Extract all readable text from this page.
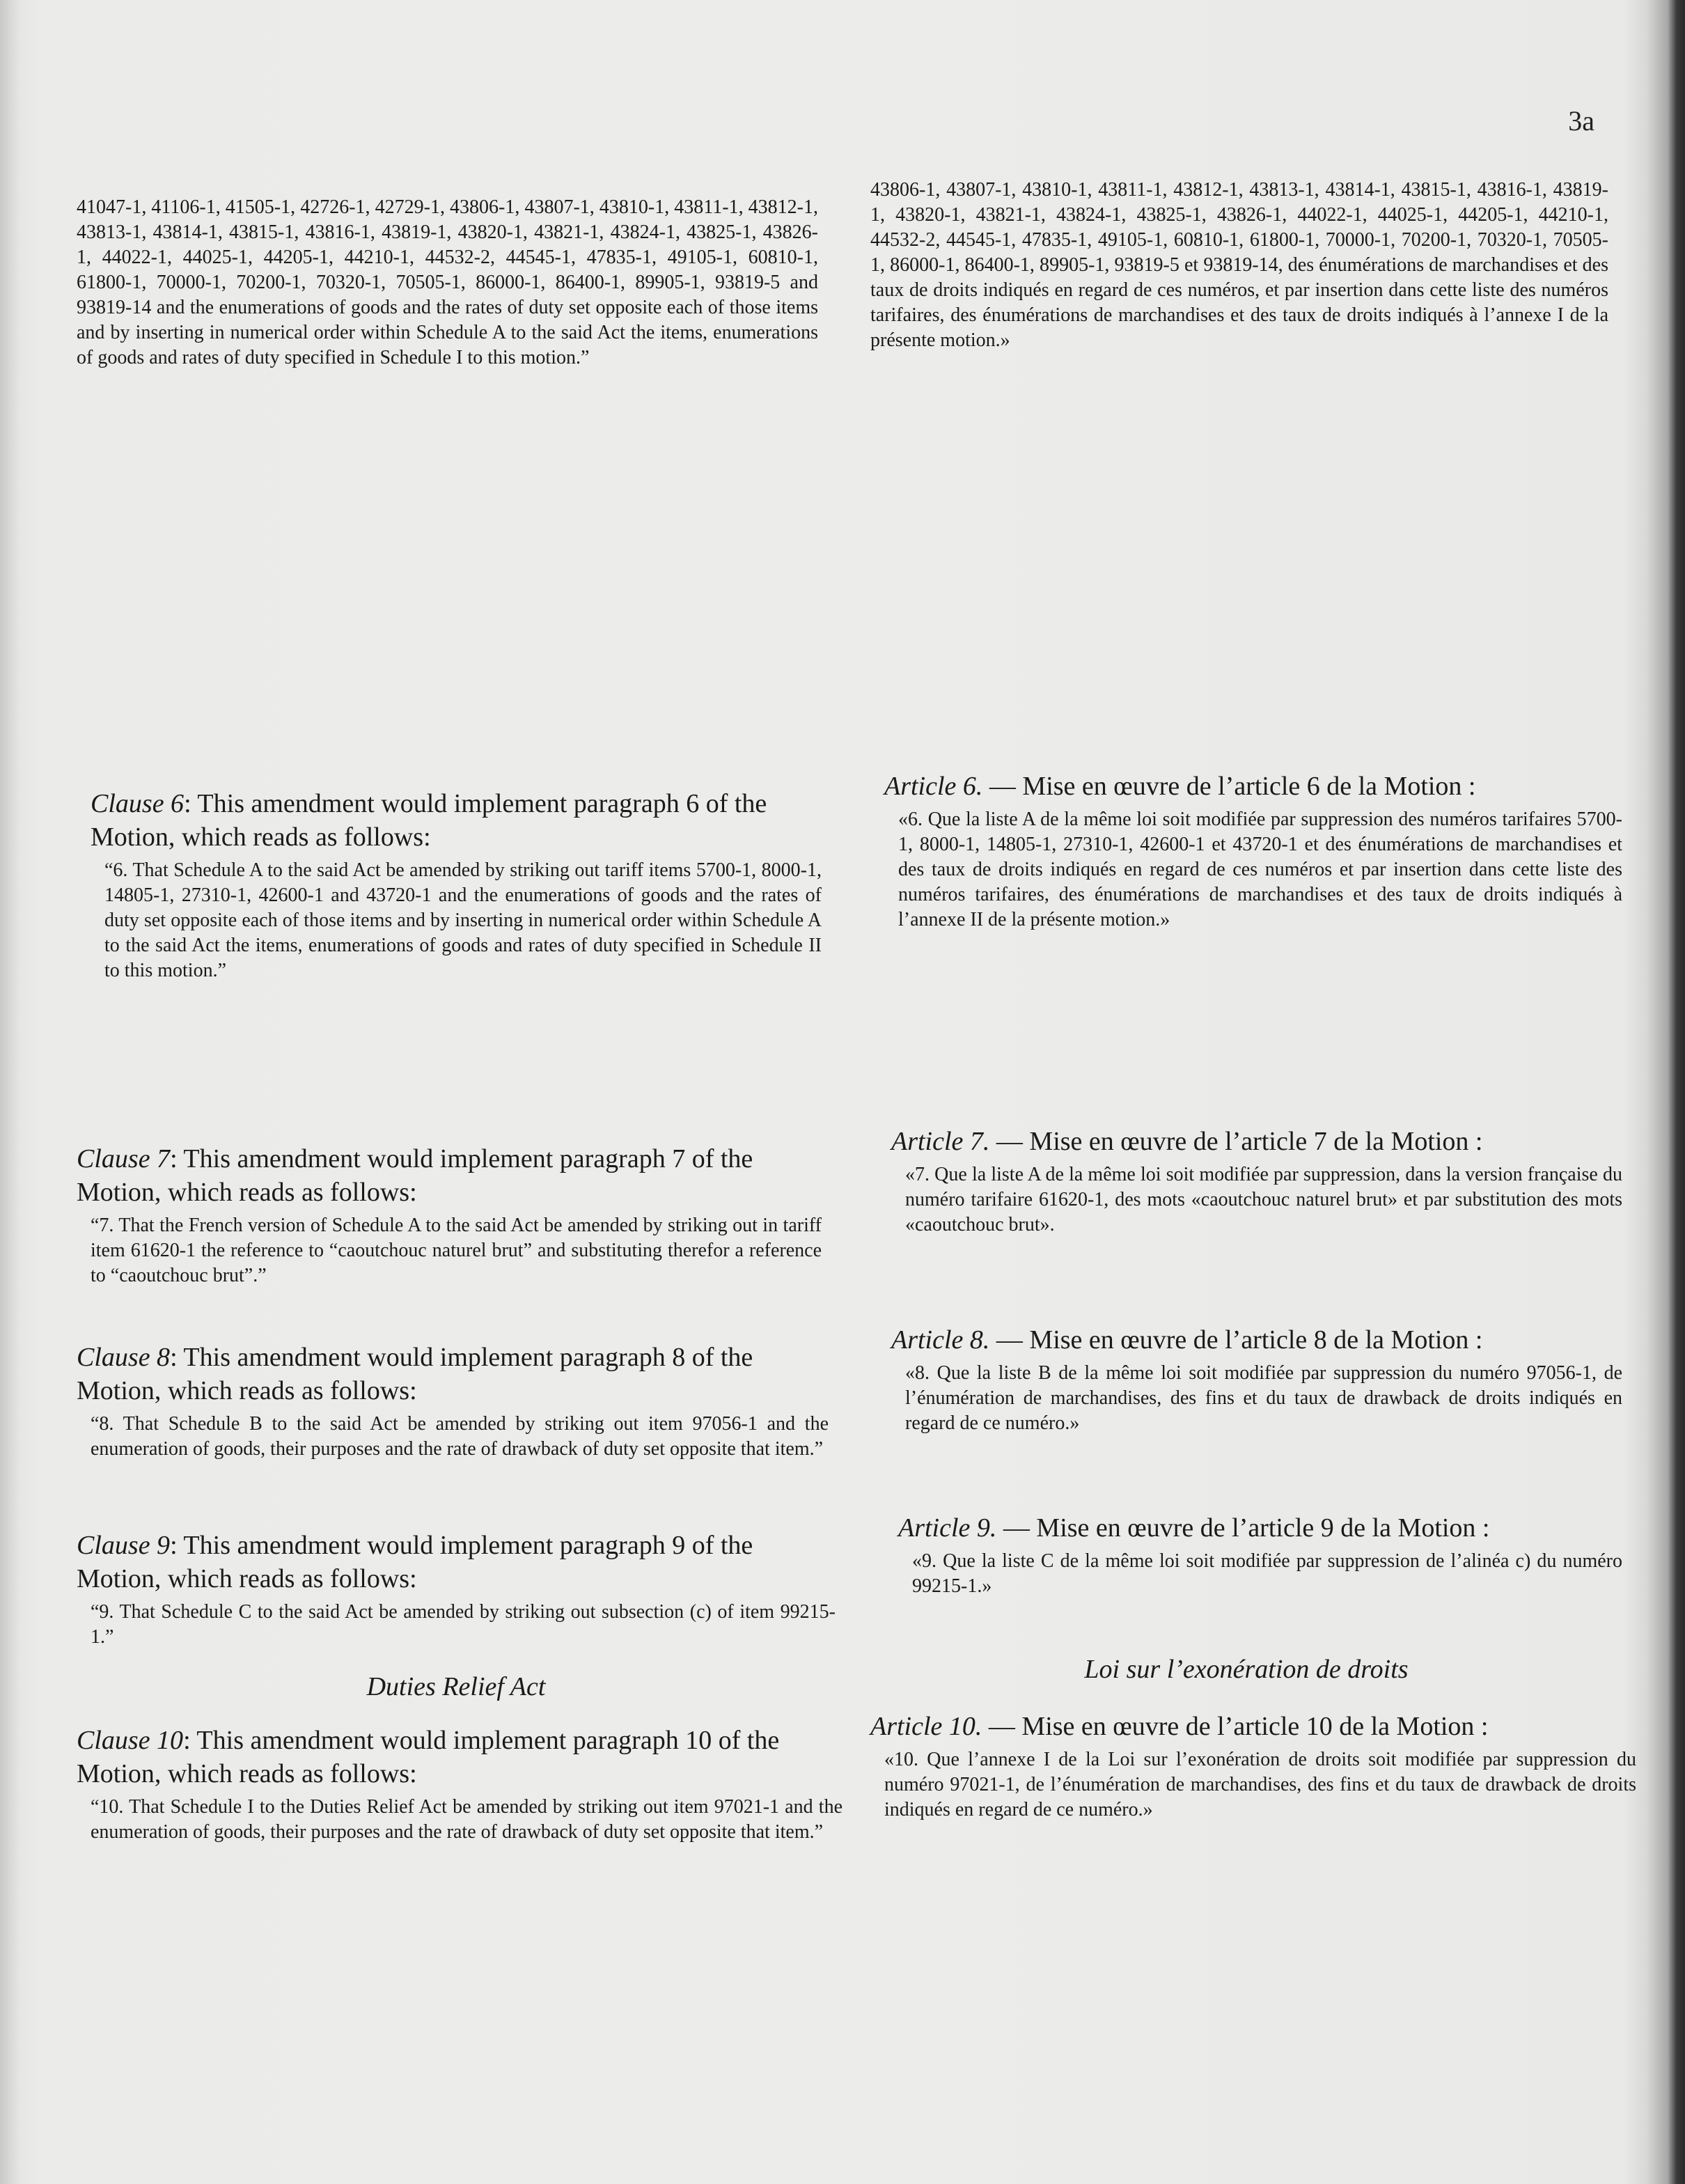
3a

41047-1, 41106-1, 41505-1, 42726-1, 42729-1, 43806-1, 43807-1, 43810-1, 43811-1, 43812-1, 43813-1, 43814-1, 43815-1, 43816-1, 43819-1, 43820-1, 43821-1, 43824-1, 43825-1, 43826-1, 44022-1, 44025-1, 44205-1, 44210-1, 44532-2, 44545-1, 47835-1, 49105-1, 60810-1, 61800-1, 70000-1, 70200-1, 70320-1, 70505-1, 86000-1, 86400-1, 89905-1, 93819-5 and 93819-14 and the enumerations of goods and the rates of duty set opposite each of those items and by inserting in numerical order within Schedule A to the said Act the items, enumerations of goods and rates of duty specified in Schedule I to this motion.”

Clause 6: This amendment would implement paragraph 6 of the Motion, which reads as follows:

“6. That Schedule A to the said Act be amended by striking out tariff items 5700-1, 8000-1, 14805-1, 27310-1, 42600-1 and 43720-1 and the enumerations of goods and the rates of duty set opposite each of those items and by inserting in numerical order within Schedule A to the said Act the items, enumerations of goods and rates of duty specified in Schedule II to this motion.”

Clause 7: This amendment would implement paragraph 7 of the Motion, which reads as follows:

“7. That the French version of Schedule A to the said Act be amended by striking out in tariff item 61620-1 the reference to “caoutchouc naturel brut” and substituting therefor a reference to “caoutchouc brut”.”

Clause 8: This amendment would implement paragraph 8 of the Motion, which reads as follows:

“8. That Schedule B to the said Act be amended by striking out item 97056-1 and the enumeration of goods, their purposes and the rate of drawback of duty set opposite that item.”

Clause 9: This amendment would implement paragraph 9 of the Motion, which reads as follows:

“9. That Schedule C to the said Act be amended by striking out subsection (c) of item 99215-1.”

Duties Relief Act

Clause 10: This amendment would implement paragraph 10 of the Motion, which reads as follows:

“10. That Schedule I to the Duties Relief Act be amended by striking out item 97021-1 and the enumeration of goods, their purposes and the rate of drawback of duty set opposite that item.”

43806-1, 43807-1, 43810-1, 43811-1, 43812-1, 43813-1, 43814-1, 43815-1, 43816-1, 43819-1, 43820-1, 43821-1, 43824-1, 43825-1, 43826-1, 44022-1, 44025-1, 44205-1, 44210-1, 44532-2, 44545-1, 47835-1, 49105-1, 60810-1, 61800-1, 70000-1, 70200-1, 70320-1, 70505-1, 86000-1, 86400-1, 89905-1, 93819-5 et 93819-14, des énumérations de marchandises et des taux de droits indiqués en regard de ces numéros, et par insertion dans cette liste des numéros tarifaires, des énumérations de marchandises et des taux de droits indiqués à l’annexe I de la présente motion.»

Article 6. — Mise en œuvre de l’article 6 de la Motion :

«6. Que la liste A de la même loi soit modifiée par suppression des numéros tarifaires 5700-1, 8000-1, 14805-1, 27310-1, 42600-1 et 43720-1 et des énumérations de marchandises et des taux de droits indiqués en regard de ces numéros et par insertion dans cette liste des numéros tarifaires, des énumérations de marchandises et des taux de droits indiqués à l’annexe II de la présente motion.»

Article 7. — Mise en œuvre de l’article 7 de la Motion :

«7. Que la liste A de la même loi soit modifiée par suppression, dans la version française du numéro tarifaire 61620-1, des mots «caoutchouc naturel brut» et par substitution des mots «caoutchouc brut».

Article 8. — Mise en œuvre de l’article 8 de la Motion :

«8. Que la liste B de la même loi soit modifiée par suppression du numéro 97056-1, de l’énumération de marchandises, des fins et du taux de drawback de droits indiqués en regard de ce numéro.»

Article 9. — Mise en œuvre de l’article 9 de la Motion :

«9. Que la liste C de la même loi soit modifiée par suppression de l’alinéa c) du numéro 99215-1.»

Loi sur l’exonération de droits

Article 10. — Mise en œuvre de l’article 10 de la Motion :

«10. Que l’annexe I de la Loi sur l’exonération de droits soit modifiée par suppression du numéro 97021-1, de l’énumération de marchandises, des fins et du taux de drawback de droits indiqués en regard de ce numéro.»
